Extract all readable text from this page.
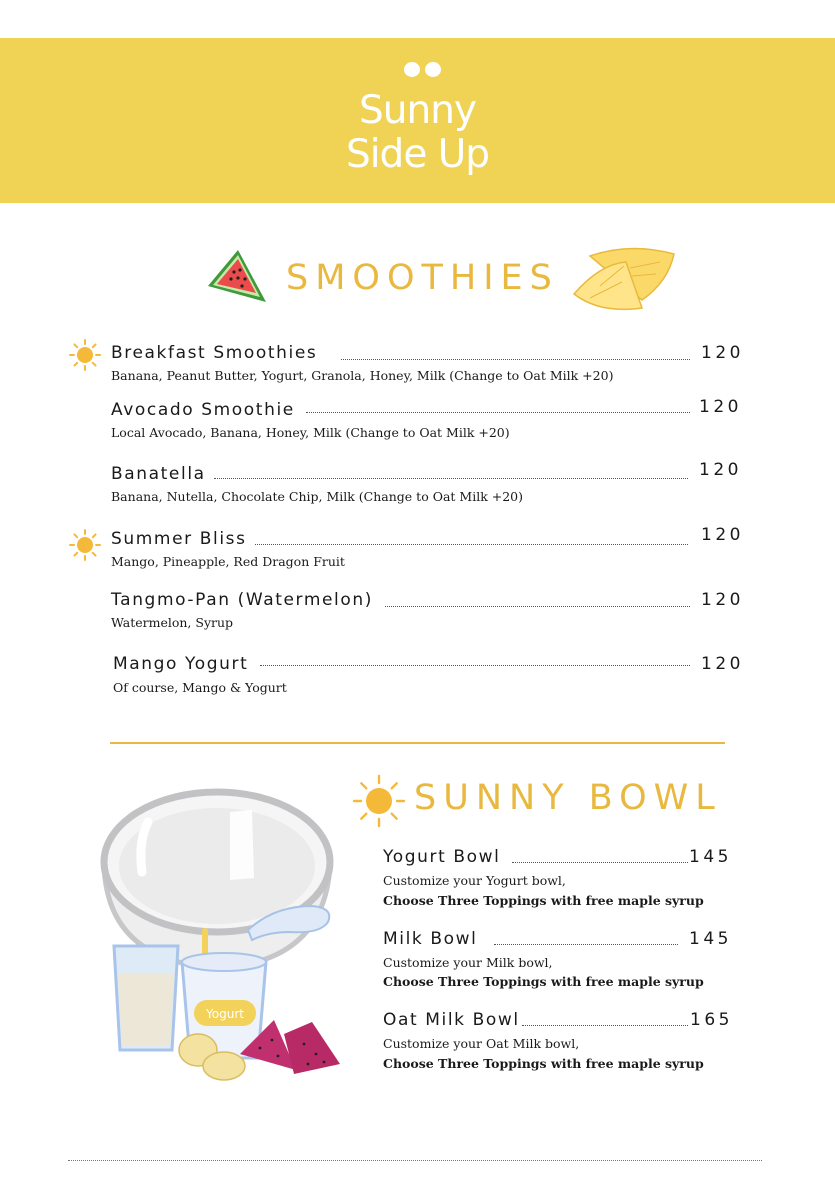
Sunny
Side Up
SMOOTHIES
Breakfast Smoothies	120
Banana, Peanut Butter, Yogurt, Granola, Honey, Milk (Change to Oat Milk +20)
Avocado Smoothie	120
Local Avocado, Banana, Honey, Milk (Change to Oat Milk +20)
Banatella	120
Banana, Nutella, Chocolate Chip, Milk (Change to Oat Milk +20)
Summer Bliss	120
Mango, Pineapple, Red Dragon Fruit
Tangmo-Pan (Watermelon)	120
Watermelon, Syrup
Mango Yogurt	120
Of course, Mango & Yogurt
Yogurt
SUNNY BOWL
Yogurt Bowl	145
Customize your Yogurt bowl,
Choose Three Toppings with free maple syrup
Milk Bowl	145
Customize your Milk bowl,
Choose Three Toppings with free maple syrup
Oat Milk Bowl	165
Customize your Oat Milk bowl,
Choose Three Toppings with free maple syrup
